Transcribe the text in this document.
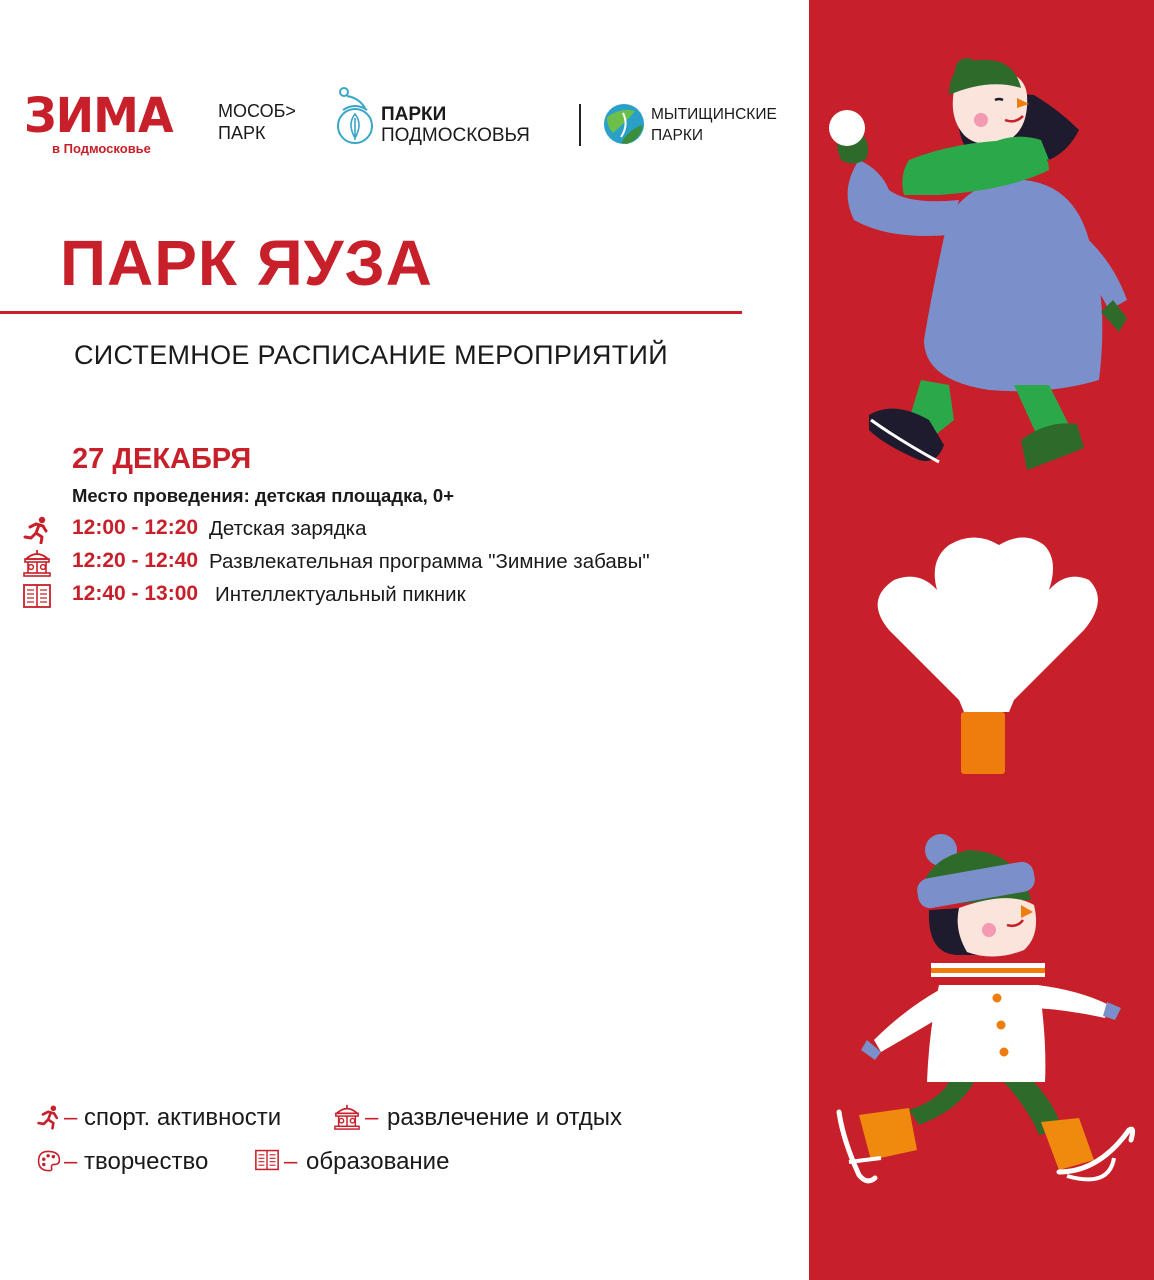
ЗИМА
в Подмосковье
МОСОБ>
ПАРК
ПАРКИ
ПОДМОСКОВЬЯ
МЫТИЩИНСКИЕ
ПАРКИ
ПАРК ЯУЗА
СИСТЕМНОЕ РАСПИСАНИЕ МЕРОПРИЯТИЙ
27 ДЕКАБРЯ
Место проведения: детская площадка, 0+
12:00 - 12:20 Детская зарядка
12:20 - 12:40 Развлекательная программа "Зимние забавы"
12:40 - 13:00 Интеллектуальный пикник
– спорт. активности	– развлечение и отдых
– творчество	– образование
